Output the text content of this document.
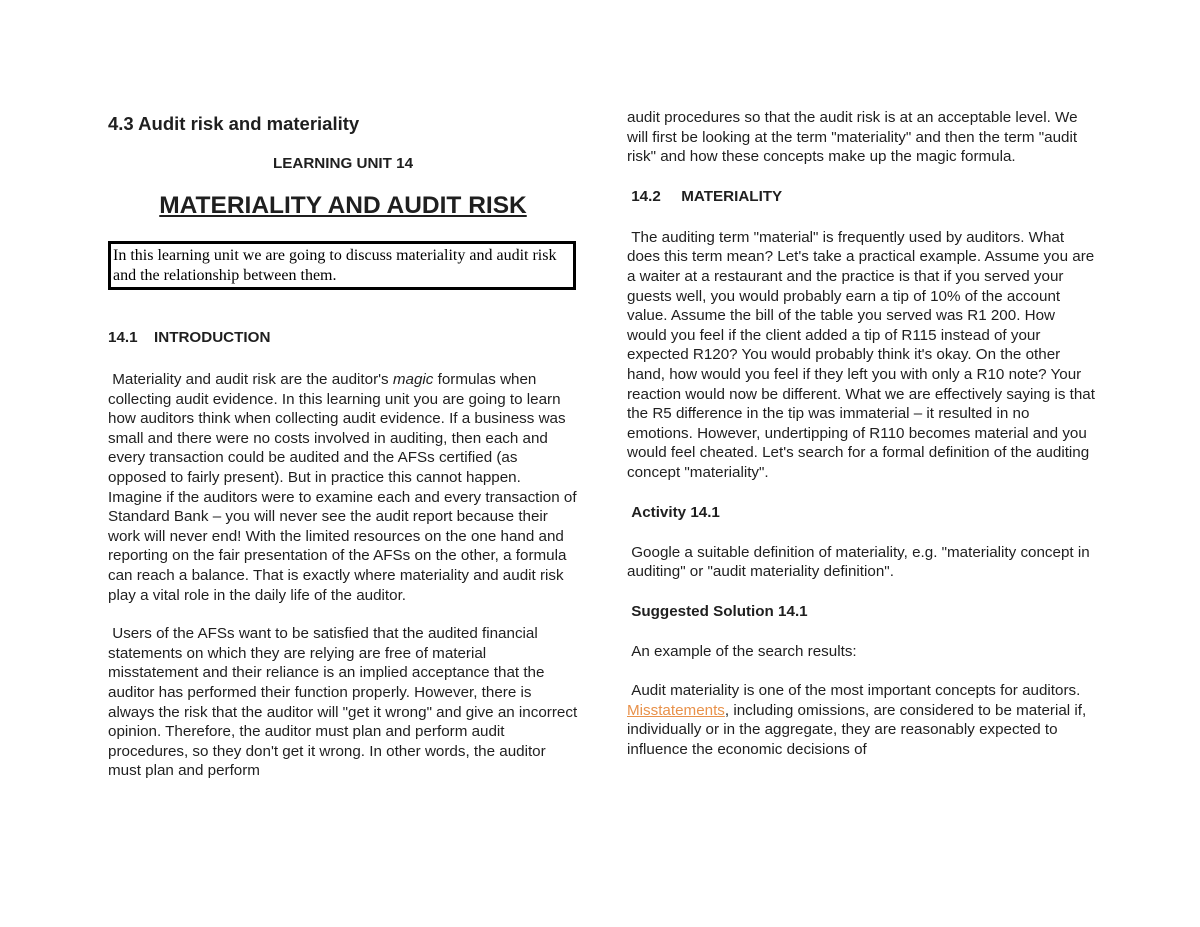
4.3 Audit risk and materiality
LEARNING UNIT 14
MATERIALITY AND AUDIT RISK
In this learning unit we are going to discuss materiality and audit risk and the relationship between them.
14.1 INTRODUCTION

Materiality and audit risk are the auditor's magic formulas when collecting audit evidence. In this learning unit you are going to learn how auditors think when collecting audit evidence. If a business was small and there were no costs involved in auditing, then each and every transaction could be audited and the AFSs certified (as opposed to fairly present). But in practice this cannot happen. Imagine if the auditors were to examine each and every transaction of Standard Bank – you will never see the audit report because their work will never end! With the limited resources on the one hand and reporting on the fair presentation of the AFSs on the other, a formula can reach a balance. That is exactly where materiality and audit risk play a vital role in the daily life of the auditor.

Users of the AFSs want to be satisfied that the audited financial statements on which they are relying are free of material misstatement and their reliance is an implied acceptance that the auditor has performed their function properly. However, there is always the risk that the auditor will "get it wrong" and give an incorrect opinion. Therefore, the auditor must plan and perform audit procedures, so they don't get it wrong. In other words, the auditor must plan and perform

audit procedures so that the audit risk is at an acceptable level. We will first be looking at the term "materiality" and then the term "audit risk" and how these concepts make up the magic formula.

14.2 MATERIALITY

The auditing term "material" is frequently used by auditors. What does this term mean? Let's take a practical example. Assume you are a waiter at a restaurant and the practice is that if you served your guests well, you would probably earn a tip of 10% of the account value. Assume the bill of the table you served was R1 200. How would you feel if the client added a tip of R115 instead of your expected R120? You would probably think it's okay. On the other hand, how would you feel if they left you with only a R10 note? Your reaction would now be different. What we are effectively saying is that the R5 difference in the tip was immaterial – it resulted in no emotions. However, undertipping of R110 becomes material and you would feel cheated. Let's search for a formal definition of the auditing concept "materiality".

Activity 14.1

Google a suitable definition of materiality, e.g. "materiality concept in auditing" or "audit materiality definition".

Suggested Solution 14.1

An example of the search results:

Audit materiality is one of the most important concepts for auditors. Misstatements, including omissions, are considered to be material if, individually or in the aggregate, they are reasonably expected to influence the economic decisions of
